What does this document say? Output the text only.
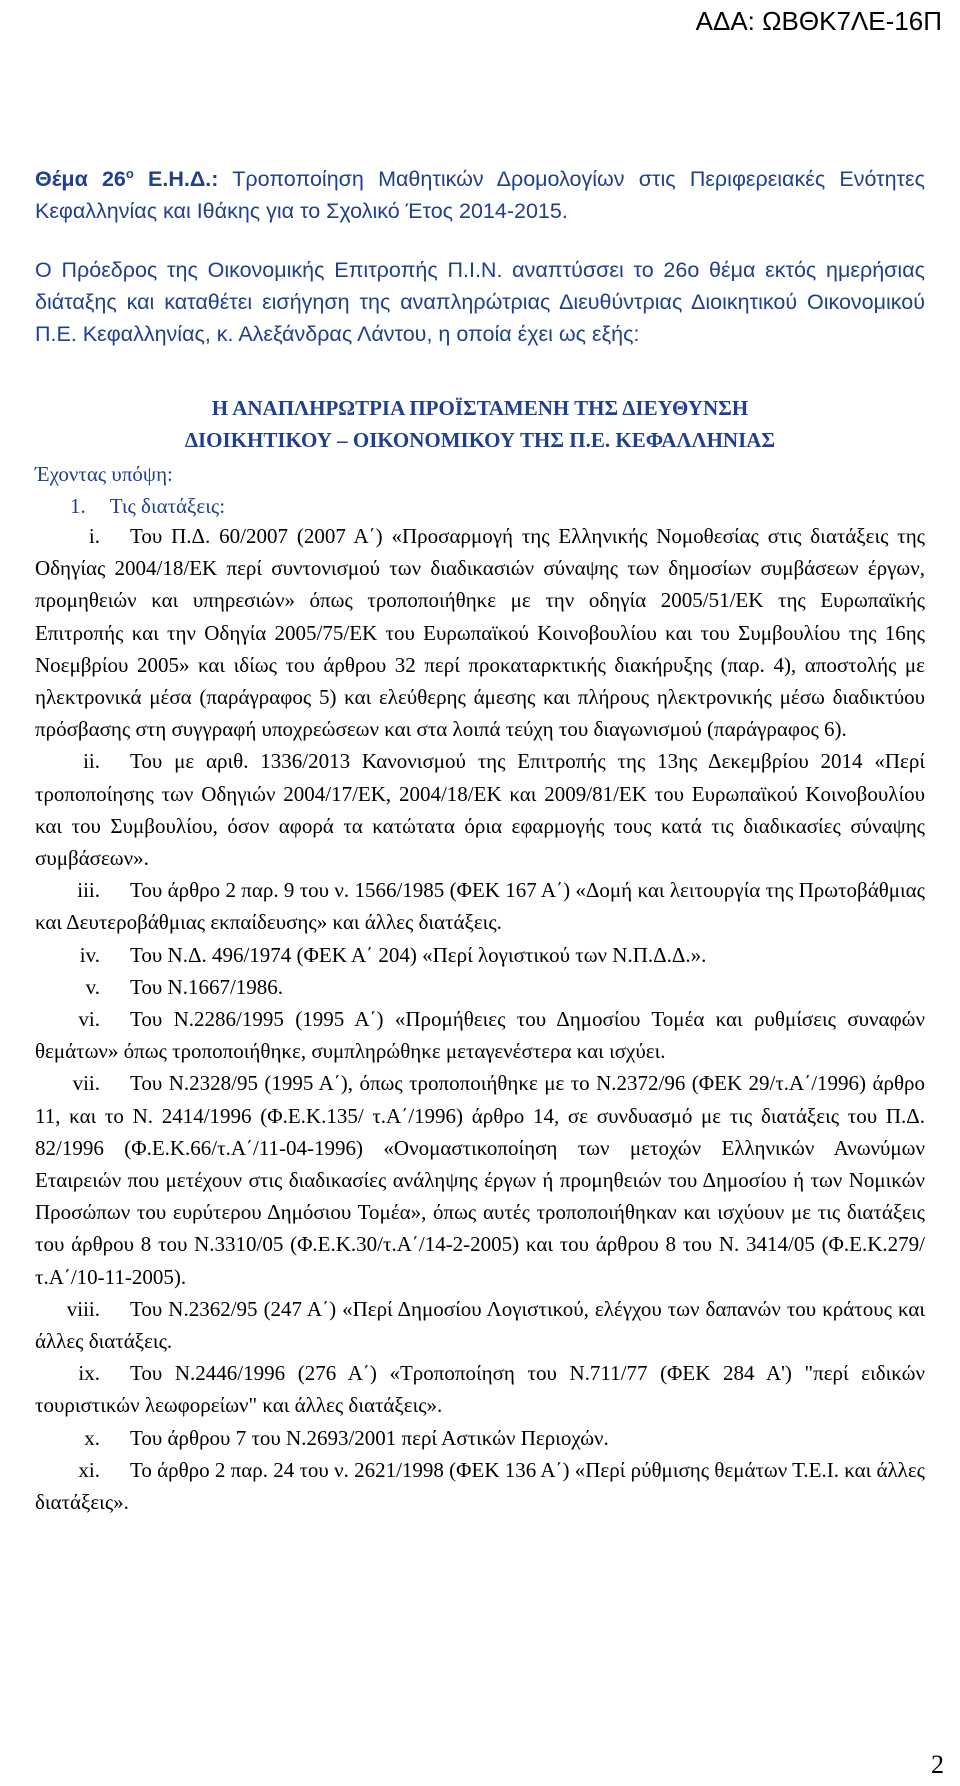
ΑΔΑ: ΩΒΘΚ7ΛΕ-16Π
Θέμα $26^o$ Ε.Η.Δ.: Τροποποίηση Μαθητικών Δρομολογίων στις Περιφερειακές Ενότητες Κεφαλληνίας και Ιθάκης για το Σχολικό Έτος 2014-2015.
Ο Πρόεδρος της Οικονομικής Επιτροπής Π.Ι.Ν. αναπτύσσει το 26ο θέμα εκτός ημερήσιας διάταξης και καταθέτει εισήγηση της αναπληρώτριας Διευθύντριας Διοικητικού Οικονομικού Π.Ε. Κεφαλληνίας, κ. Αλεξάνδρας Λάντου, η οποία έχει ως εξής:
Η ΑΝΑΠΛΗΡΩΤΡΙΑ ΠΡΟΪΣΤΑΜΕΝΗ ΤΗΣ ΔΙΕΥΘΥΝΣΗ
ΔΙΟΙΚΗΤΙΚΟΥ – ΟΙΚΟΝΟΜΙΚΟΥ ΤΗΣ Π.Ε. ΚΕΦΑΛΛΗΝΙΑΣ
Έχοντας υπόψη:
1. Τις διατάξεις:
i. Του Π.Δ. 60/2007 (2007 Α΄) «Προσαρμογή της Ελληνικής Νομοθεσίας στις διατάξεις της Οδηγίας 2004/18/ΕΚ περί συντονισμού των διαδικασιών σύναψης των δημοσίων συμβάσεων έργων, προμηθειών και υπηρεσιών» όπως τροποποιήθηκε με την οδηγία 2005/51/ΕΚ της Ευρωπαϊκής Επιτροπής και την Οδηγία 2005/75/ΕΚ του Ευρωπαϊκού Κοινοβουλίου και του Συμβουλίου της 16ης Νοεμβρίου 2005» και ιδίως του άρθρου 32 περί προκαταρκτικής διακήρυξης (παρ. 4), αποστολής με ηλεκτρονικά μέσα (παράγραφος 5) και ελεύθερης άμεσης και πλήρους ηλεκτρονικής μέσω διαδικτύου πρόσβασης στη συγγραφή υποχρεώσεων και στα λοιπά τεύχη του διαγωνισμού (παράγραφος 6).
ii. Του με αριθ. 1336/2013 Κανονισμού της Επιτροπής της 13ης Δεκεμβρίου 2014 «Περί τροποποίησης των Οδηγιών 2004/17/ΕΚ, 2004/18/ΕΚ και 2009/81/ΕΚ του Ευρωπαϊκού Κοινοβουλίου και του Συμβουλίου, όσον αφορά τα κατώτατα όρια εφαρμογής τους κατά τις διαδικασίες σύναψης συμβάσεων».
iii. Του άρθρο 2 παρ. 9 του ν. 1566/1985 (ΦΕΚ 167 Α΄) «Δομή και λειτουργία της Πρωτοβάθμιας και Δευτεροβάθμιας εκπαίδευσης» και άλλες διατάξεις.
iv. Του Ν.Δ. 496/1974 (ΦΕΚ Α΄ 204) «Περί λογιστικού των Ν.Π.Δ.Δ.».
v. Του Ν.1667/1986.
vi. Του Ν.2286/1995 (1995 Α΄) «Προμήθειες του Δημοσίου Τομέα και ρυθμίσεις συναφών θεμάτων» όπως τροποποιήθηκε, συμπληρώθηκε μεταγενέστερα και ισχύει.
vii. Του Ν.2328/95 (1995 Α΄), όπως τροποποιήθηκε με το Ν.2372/96 (ΦΕΚ 29/τ.Α΄/1996) άρθρο 11, και το Ν. 2414/1996 (Φ.Ε.Κ.135/ τ.Α΄/1996) άρθρο 14, σε συνδυασμό με τις διατάξεις του Π.Δ. 82/1996 (Φ.Ε.Κ.66/τ.Α΄/11-04-1996) «Ονομαστικοποίηση των μετοχών Ελληνικών Ανωνύμων Εταιρειών που μετέχουν στις διαδικασίες ανάληψης έργων ή προμηθειών του Δημοσίου ή των Νομικών Προσώπων του ευρύτερου Δημόσιου Τομέα», όπως αυτές τροποποιήθηκαν και ισχύουν με τις διατάξεις του άρθρου 8 του Ν.3310/05 (Φ.Ε.Κ.30/τ.Α΄/14-2-2005) και του άρθρου 8 του Ν. 3414/05 (Φ.Ε.Κ.279/τ.Α΄/10-11-2005).
viii. Του Ν.2362/95 (247 Α΄) «Περί Δημοσίου Λογιστικού, ελέγχου των δαπανών του κράτους και άλλες διατάξεις.
ix. Του Ν.2446/1996 (276 Α΄) «Τροποποίηση του Ν.711/77 (ΦΕΚ 284 Α') "περί ειδικών τουριστικών λεωφορείων" και άλλες διατάξεις».
x. Του άρθρου 7 του Ν.2693/2001 περί Αστικών Περιοχών.
xi. Το άρθρο 2 παρ. 24 του ν. 2621/1998 (ΦΕΚ 136 Α΄) «Περί ρύθμισης θεμάτων Τ.Ε.Ι. και άλλες διατάξεις».
2
